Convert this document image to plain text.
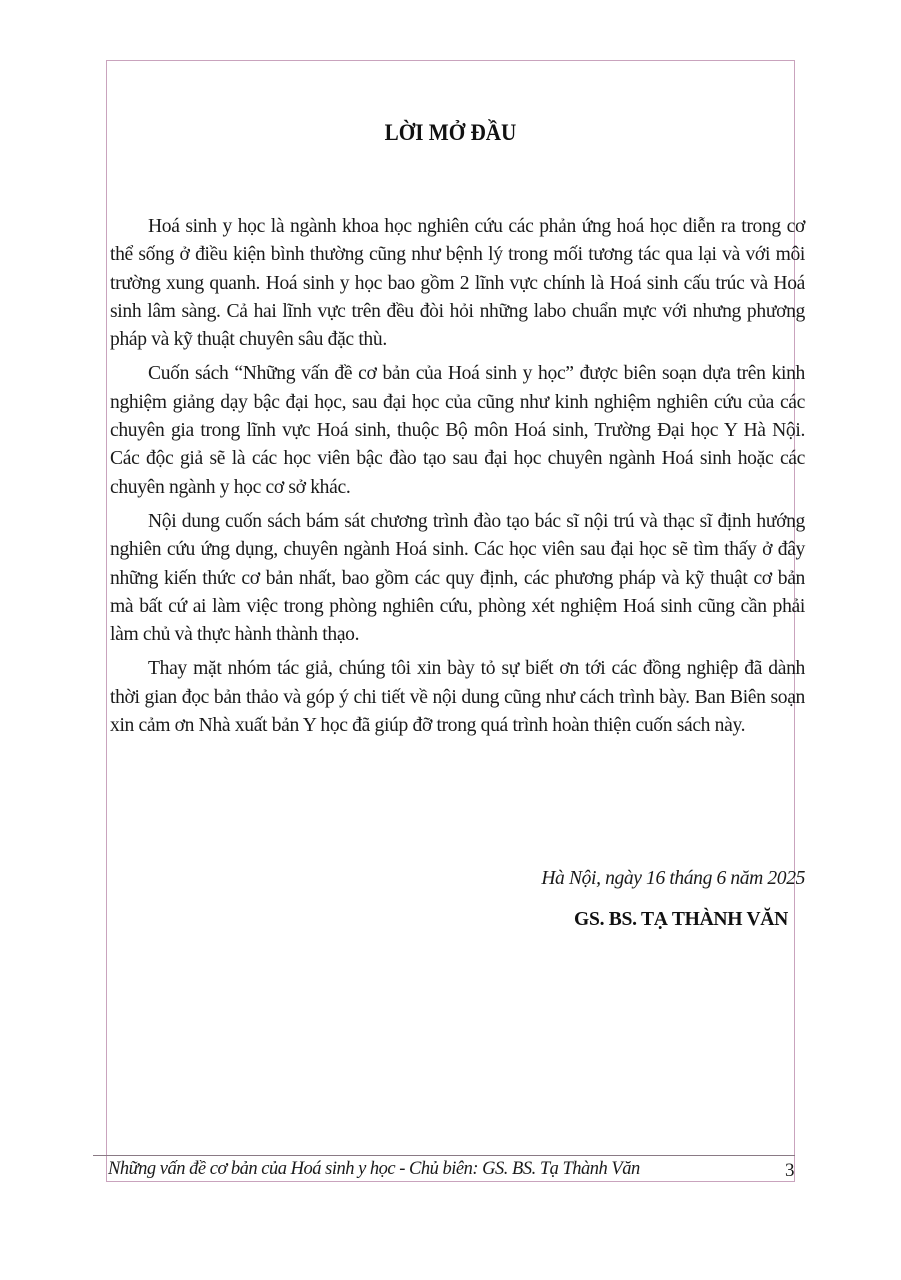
LỜI MỞ ĐẦU

Hoá sinh y học là ngành khoa học nghiên cứu các phản ứng hoá học diễn ra trong cơ thể sống ở điều kiện bình thường cũng như bệnh lý trong mối tương tác qua lại và với môi trường xung quanh. Hoá sinh y học bao gồm 2 lĩnh vực chính là Hoá sinh cấu trúc và Hoá sinh lâm sàng. Cả hai lĩnh vực trên đều đòi hỏi những labo chuẩn mực với nhưng phương pháp và kỹ thuật chuyên sâu đặc thù.

Cuốn sách “Những vấn đề cơ bản của Hoá sinh y học” được biên soạn dựa trên kinh nghiệm giảng dạy bậc đại học, sau đại học của cũng như kinh nghiệm nghiên cứu của các chuyên gia trong lĩnh vực Hoá sinh, thuộc Bộ môn Hoá sinh, Trường Đại học Y Hà Nội. Các độc giả sẽ là các học viên bậc đào tạo sau đại học chuyên ngành Hoá sinh hoặc các chuyên ngành y học cơ sở khác.

Nội dung cuốn sách bám sát chương trình đào tạo bác sĩ nội trú và thạc sĩ định hướng nghiên cứu ứng dụng, chuyên ngành Hoá sinh. Các học viên sau đại học sẽ tìm thấy ở đây những kiến thức cơ bản nhất, bao gồm các quy định, các phương pháp và kỹ thuật cơ bản mà bất cứ ai làm việc trong phòng nghiên cứu, phòng xét nghiệm Hoá sinh cũng cần phải làm chủ và thực hành thành thạo.

Thay mặt nhóm tác giả, chúng tôi xin bày tỏ sự biết ơn tới các đồng nghiệp đã dành thời gian đọc bản thảo và góp ý chi tiết về nội dung cũng như cách trình bày. Ban Biên soạn xin cảm ơn Nhà xuất bản Y học đã giúp đỡ trong quá trình hoàn thiện cuốn sách này.

Hà Nội, ngày 16 tháng 6 năm 2025
GS. BS. TẠ THÀNH VĂN
Những vấn đề cơ bản của Hoá sinh y học - Chủ biên: GS. BS. Tạ Thành Văn	3
